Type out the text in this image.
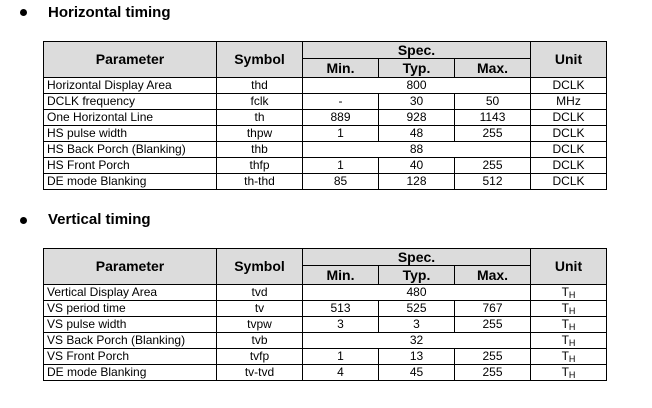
Horizontal timing
Parameter	Symbol	Spec.			Unit
		Min.	Typ.	Max.	
Horizontal Display Area	thd	800			DCLK
DCLK frequency	fclk	-	30	50	MHz
One Horizontal Line	th	889	928	1143	DCLK
HS pulse width	thpw	1	48	255	DCLK
HS Back Porch (Blanking)	thb	88			DCLK
HS Front Porch	thfp	1	40	255	DCLK
DE mode Blanking	th-thd	85	128	512	DCLK
Vertical timing
Parameter	Symbol	Spec.			Unit
		Min.	Typ.	Max.	
Vertical Display Area	tvd	480			$T_H$
VS period time	tv	513	525	767	$T_H$
VS pulse width	tvpw	3	3	255	$T_H$
VS Back Porch (Blanking)	tvb	32			$T_H$
VS Front Porch	tvfp	1	13	255	$T_H$
DE mode Blanking	tv-tvd	4	45	255	$T_H$
